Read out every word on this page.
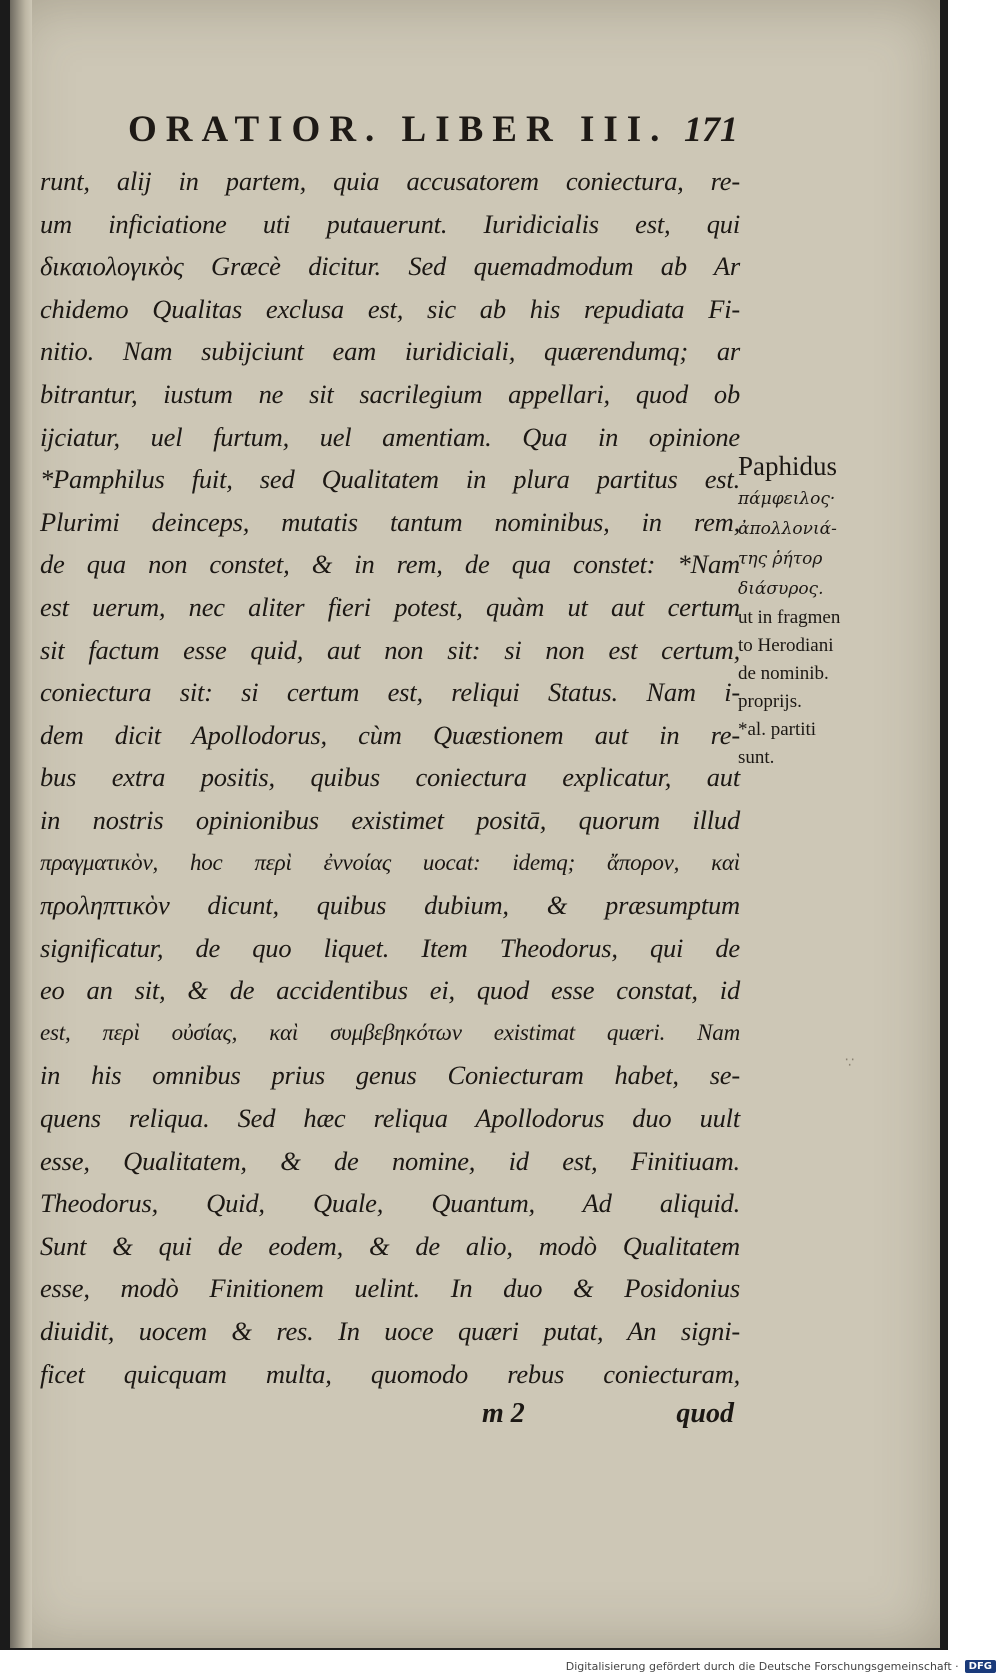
ORATIOR. LIBER III. 171
runt, alij in partem, quia accusatorem coniectura, re-
um inficiatione uti putauerunt. Iuridicialis est, qui
δικαιολογικὸς Græcè dicitur. Sed quemadmodum ab Ar
chidemo Qualitas exclusa est, sic ab his repudiata Fi-
nitio. Nam subijciunt eam iuridiciali, quærendumq; ar
bitrantur, iustum ne sit sacrilegium appellari, quod ob
ijciatur, uel furtum, uel amentiam. Qua in opinione
*Pamphilus fuit, sed Qualitatem in plura partitus est.
Plurimi deinceps, mutatis tantum nominibus, in rem,
de qua non constet, & in rem, de qua constet: *Nam
est uerum, nec aliter fieri potest, quàm ut aut certum
sit factum esse quid, aut non sit: si non est certum,
coniectura sit: si certum est, reliqui Status. Nam i-
dem dicit Apollodorus, cùm Quæstionem aut in re-
bus extra positis, quibus coniectura explicatur, aut
in nostris opinionibus existimet positā, quorum illud
πραγματικὸν, hoc περὶ ἐννοίας uocat: idemq; ἄπορον, καὶ
προληπτικὸν dicunt, quibus dubium, & præsumptum
significatur, de quo liquet. Item Theodorus, qui de
eo an sit, & de accidentibus ei, quod esse constat, id
est, περὶ οὐσίας, καὶ συμβεβηκότων existimat quæri. Nam
in his omnibus prius genus Coniecturam habet, se-
quens reliqua. Sed hæc reliqua Apollodorus duo uult
esse, Qualitatem, & de nomine, id est, Finitiuam.
Theodorus, Quid, Quale, Quantum, Ad aliquid.
Sunt & qui de eodem, & de alio, modò Qualitatem
esse, modò Finitionem uelint. In duo & Posidonius
diuidit, uocem & res. In uoce quæri putat, An signi-
ficet quicquam multa, quomodo rebus coniecturam,
Paphidus
πάμφειλος·
ἀπολλονιά-
της ῥήτορ
διάσυρος.
ut in fragmen
to Herodiani
de nominib.
proprijs.
*al. partiti
sunt.
∵
m 2	quod
Digitalisierung gefördert durch die Deutsche Forschungsgemeinschaft ·	DFG
